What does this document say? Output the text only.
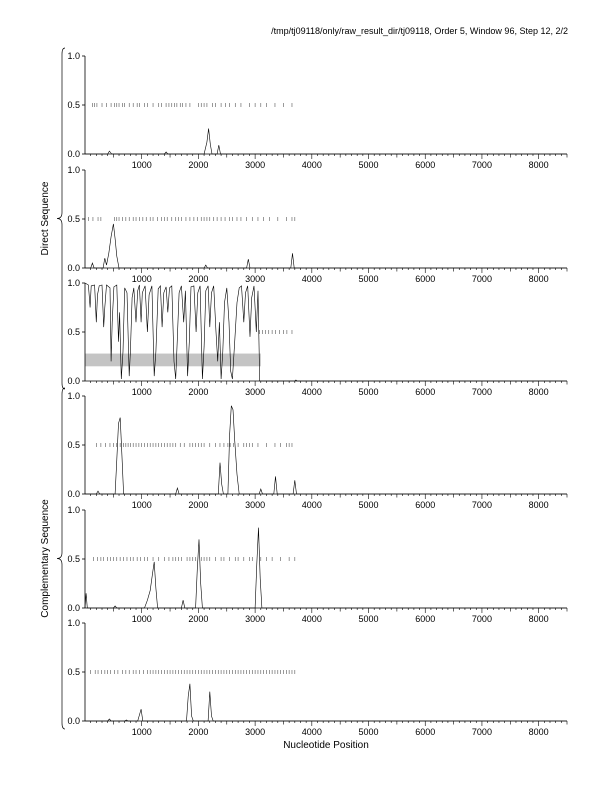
/tmp/tj09118/only/raw_result_dir/tj09118, Order 5, Window 96, Step 12, 2/2
0.0
0.5
1.0
1000	2000	3000	4000	5000	6000	7000	8000
0.0
0.5
1.0
1000	2000	3000	4000	5000	6000	7000	8000
0.0
0.5
1.0
1000	2000	3000	4000	5000	6000	7000	8000
0.0
0.5
1.0
1000	2000	3000	4000	5000	6000	7000	8000
0.0
0.5
1.0
1000	2000	3000	4000	5000	6000	7000	8000
0.0
0.5
1.0
1000	2000	3000	4000	5000	6000	7000	8000
Direct Sequence
Complementary Sequence
Nucleotide Position
